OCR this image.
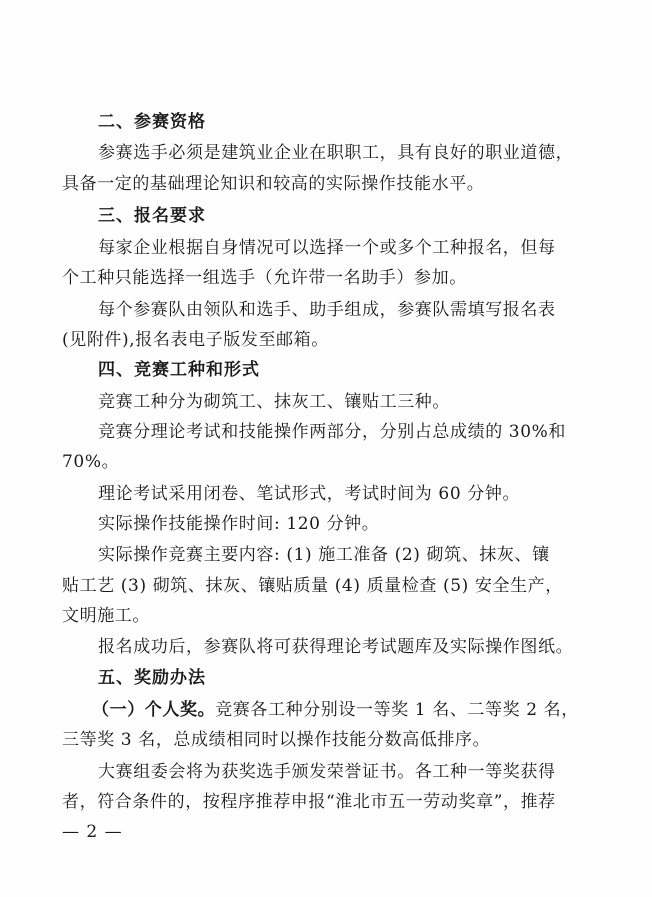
二、参赛资格
参赛选手必须是建筑业企业在职职工，具有良好的职业道德，
具备一定的基础理论知识和较高的实际操作技能水平。
三、报名要求
每家企业根据自身情况可以选择一个或多个工种报名，但每
个工种只能选择一组选手（允许带一名助手）参加。
每个参赛队由领队和选手、助手组成，参赛队需填写报名表
(见附件),报名表电子版发至邮箱。
四、竞赛工种和形式
竞赛工种分为砌筑工、抹灰工、镶贴工三种。
竞赛分理论考试和技能操作两部分，分别占总成绩的 30%和
70%。
理论考试采用闭卷、笔试形式，考试时间为 60 分钟。
实际操作技能操作时间: 120 分钟。
实际操作竞赛主要内容: (1) 施工准备 (2) 砌筑、抹灰、镶
贴工艺 (3) 砌筑、抹灰、镶贴质量 (4) 质量检查 (5) 安全生产，
文明施工。
报名成功后，参赛队将可获得理论考试题库及实际操作图纸。
五、奖励办法
（一）个人奖。竞赛各工种分别设一等奖 1 名、二等奖 2 名，
三等奖 3 名，总成绩相同时以操作技能分数高低排序。
大赛组委会将为获奖选手颁发荣誉证书。各工种一等奖获得
者，符合条件的，按程序推荐申报“淮北市五一劳动奖章”，推荐
— 2 —
